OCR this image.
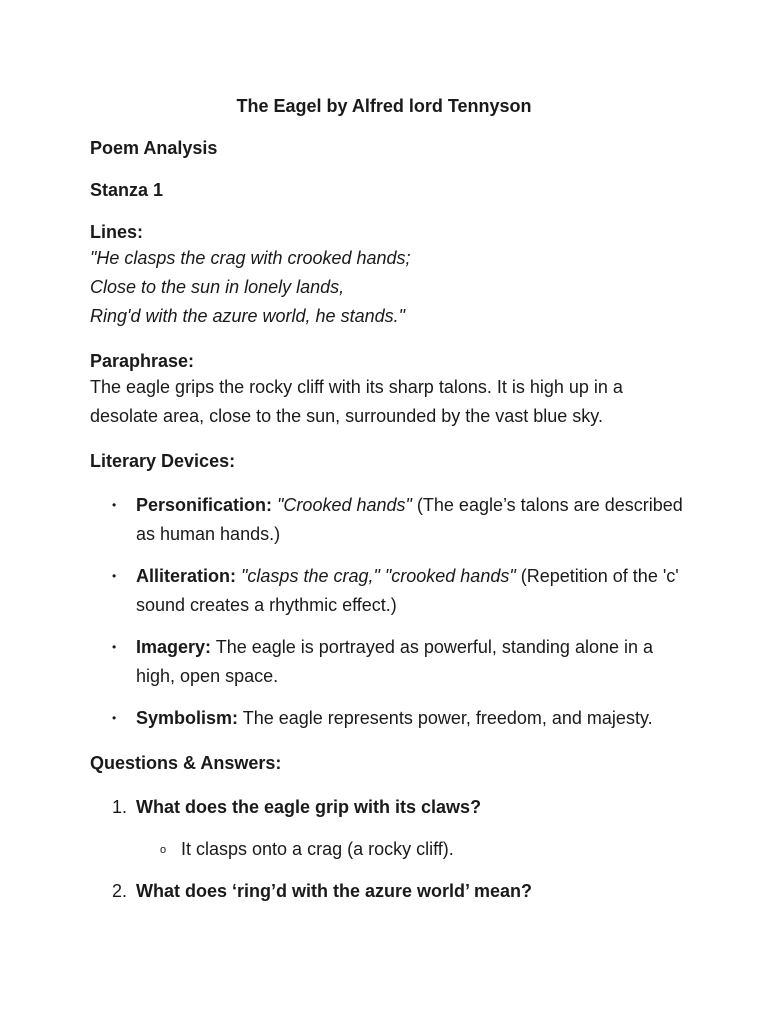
The Eagel by Alfred lord Tennyson
Poem Analysis
Stanza 1
Lines:
"He clasps the crag with crooked hands;
Close to the sun in lonely lands,
Ring'd with the azure world, he stands."
Paraphrase:
The eagle grips the rocky cliff with its sharp talons. It is high up in a desolate area, close to the sun, surrounded by the vast blue sky.
Literary Devices:
• Personification: "Crooked hands" (The eagle’s talons are described as human hands.)
• Alliteration: "clasps the crag," "crooked hands" (Repetition of the 'c' sound creates a rhythmic effect.)
• Imagery: The eagle is portrayed as powerful, standing alone in a high, open space.
• Symbolism: The eagle represents power, freedom, and majesty.
Questions & Answers:
1. What does the eagle grip with its claws?
o It clasps onto a crag (a rocky cliff).
2. What does ‘ring’d with the azure world’ mean?
